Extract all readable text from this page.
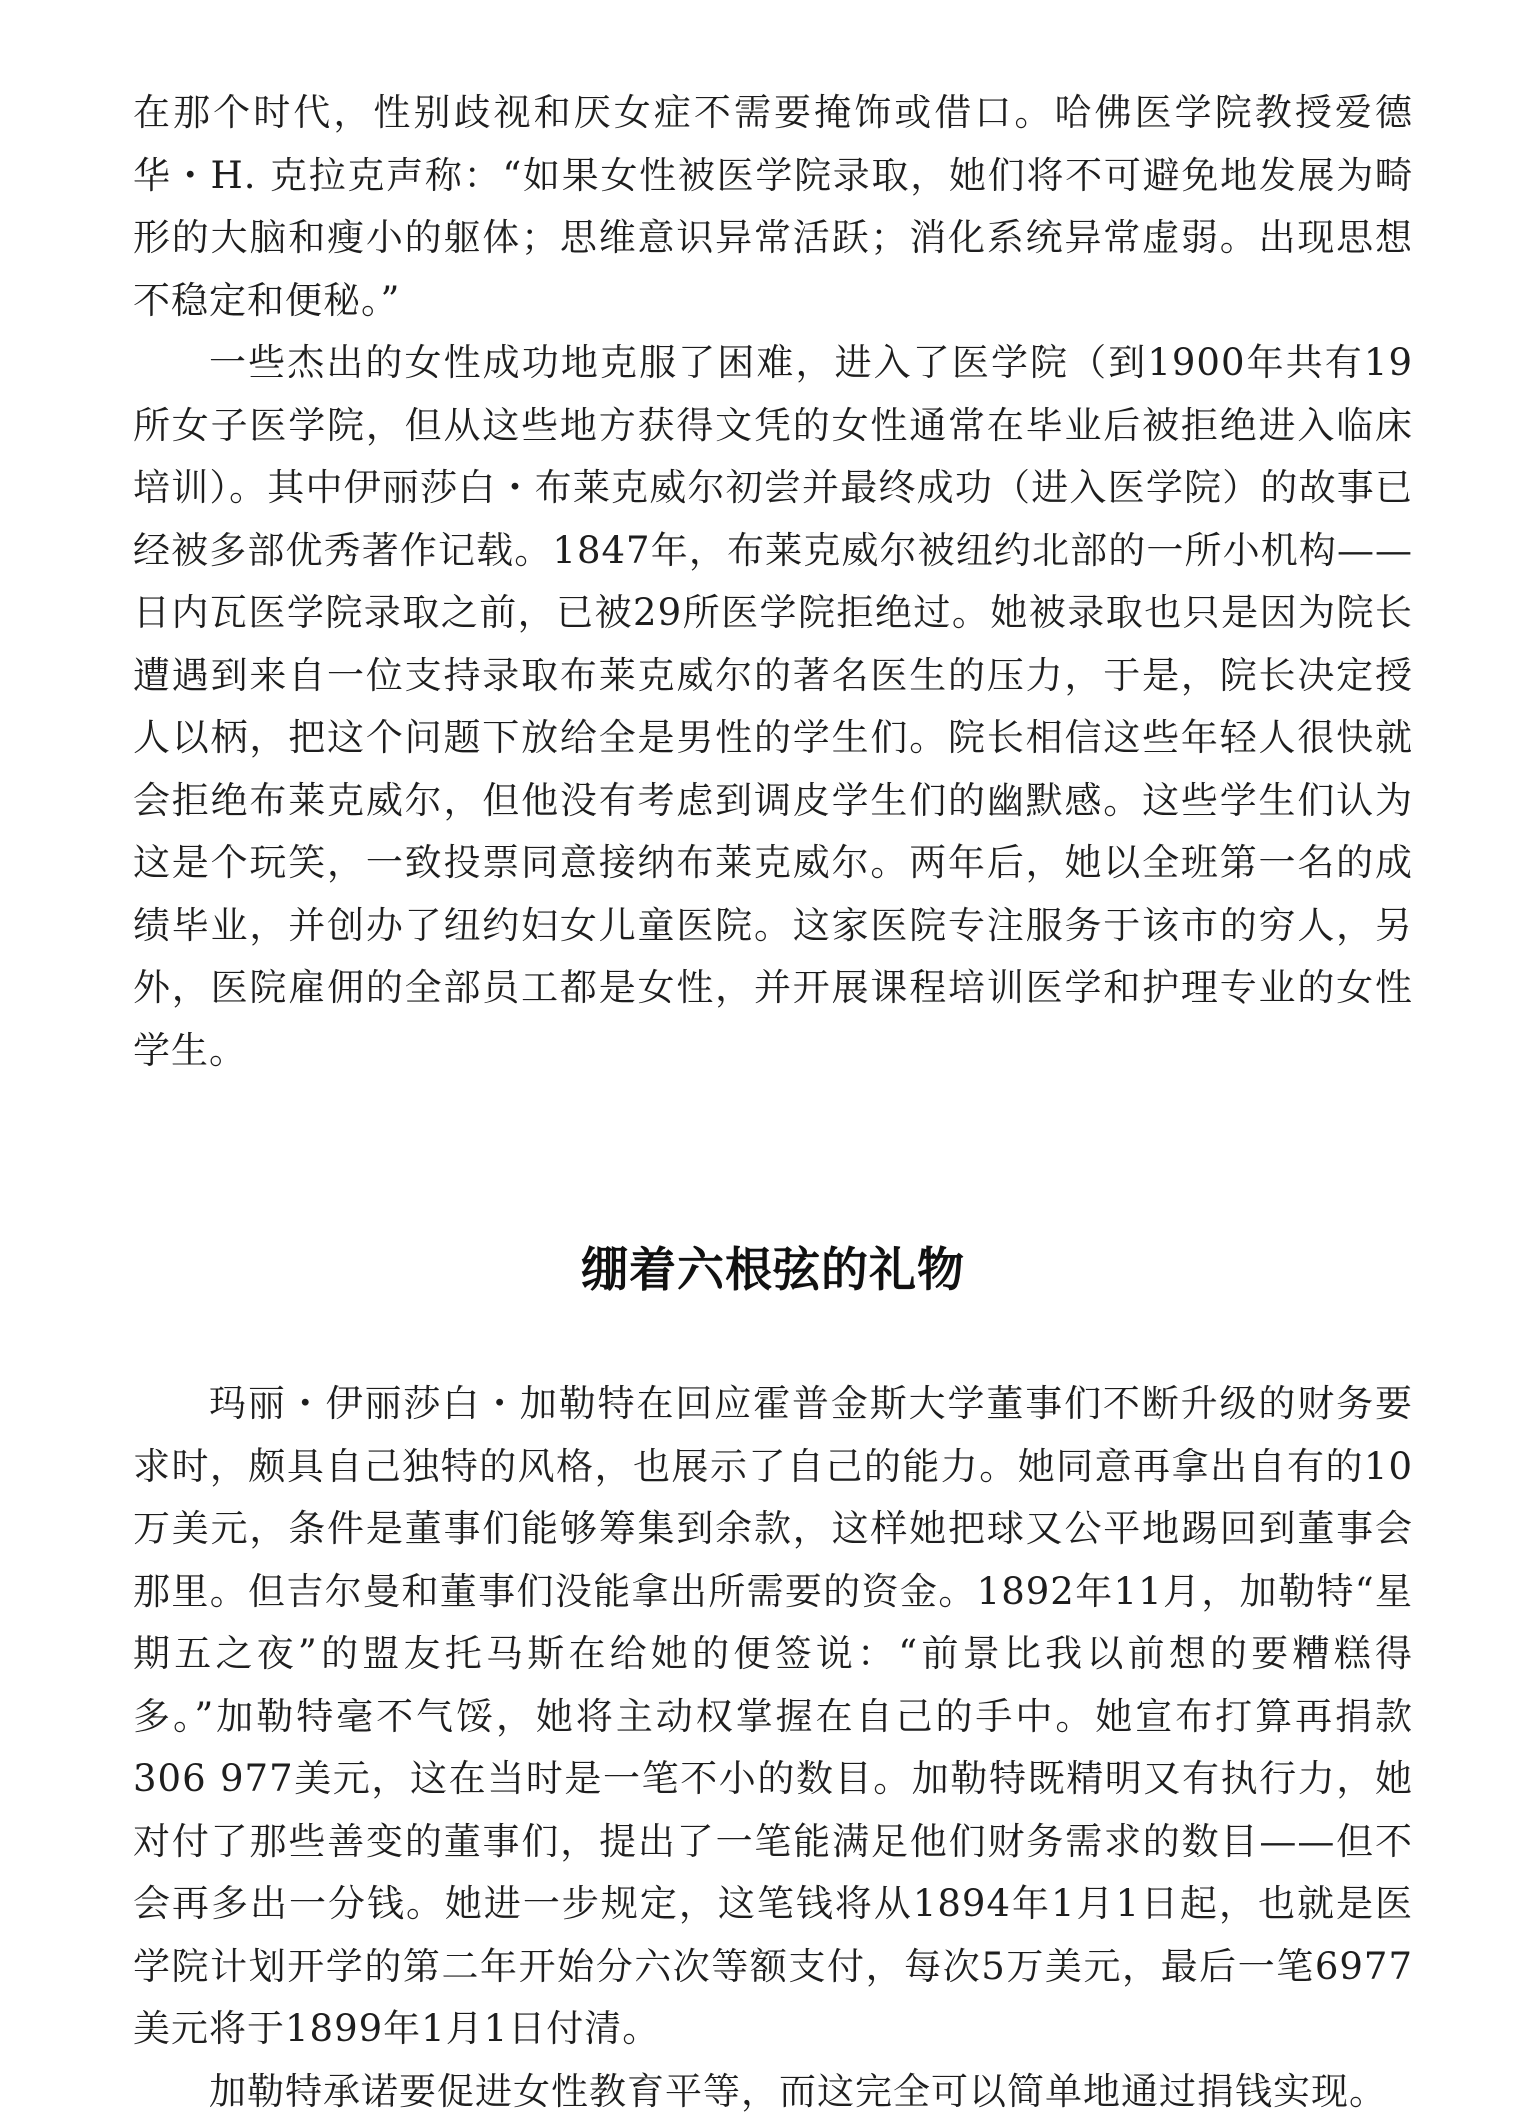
在那个时代，性别歧视和厌女症不需要掩饰或借口。哈佛医学院教授爱德华・H. 克拉克声称：“如果女性被医学院录取，她们将不可避免地发展为畸形的大脑和瘦小的躯体；思维意识异常活跃；消化系统异常虚弱。出现思想不稳定和便秘。”

一些杰出的女性成功地克服了困难，进入了医学院（到1900年共有19所女子医学院，但从这些地方获得文凭的女性通常在毕业后被拒绝进入临床培训）。其中伊丽莎白・布莱克威尔初尝并最终成功（进入医学院）的故事已经被多部优秀著作记载。1847年，布莱克威尔被纽约北部的一所小机构——日内瓦医学院录取之前，已被29所医学院拒绝过。她被录取也只是因为院长遭遇到来自一位支持录取布莱克威尔的著名医生的压力，于是，院长决定授人以柄，把这个问题下放给全是男性的学生们。院长相信这些年轻人很快就会拒绝布莱克威尔，但他没有考虑到调皮学生们的幽默感。这些学生们认为这是个玩笑，一致投票同意接纳布莱克威尔。两年后，她以全班第一名的成绩毕业，并创办了纽约妇女儿童医院。这家医院专注服务于该市的穷人，另外，医院雇佣的全部员工都是女性，并开展课程培训医学和护理专业的女性学生。

绷着六根弦的礼物

玛丽・伊丽莎白・加勒特在回应霍普金斯大学董事们不断升级的财务要求时，颇具自己独特的风格，也展示了自己的能力。她同意再拿出自有的10万美元，条件是董事们能够筹集到余款，这样她把球又公平地踢回到董事会那里。但吉尔曼和董事们没能拿出所需要的资金。1892年11月，加勒特“星期五之夜”的盟友托马斯在给她的便签说：“前景比我以前想的要糟糕得多。”加勒特毫不气馁，她将主动权掌握在自己的手中。她宣布打算再捐款306 977美元，这在当时是一笔不小的数目。加勒特既精明又有执行力，她对付了那些善变的董事们，提出了一笔能满足他们财务需求的数目——但不会再多出一分钱。她进一步规定，这笔钱将从1894年1月1日起，也就是医学院计划开学的第二年开始分六次等额支付，每次5万美元，最后一笔6977美元将于1899年1月1日付清。

加勒特承诺要促进女性教育平等，而这完全可以简单地通过捐钱实现。
